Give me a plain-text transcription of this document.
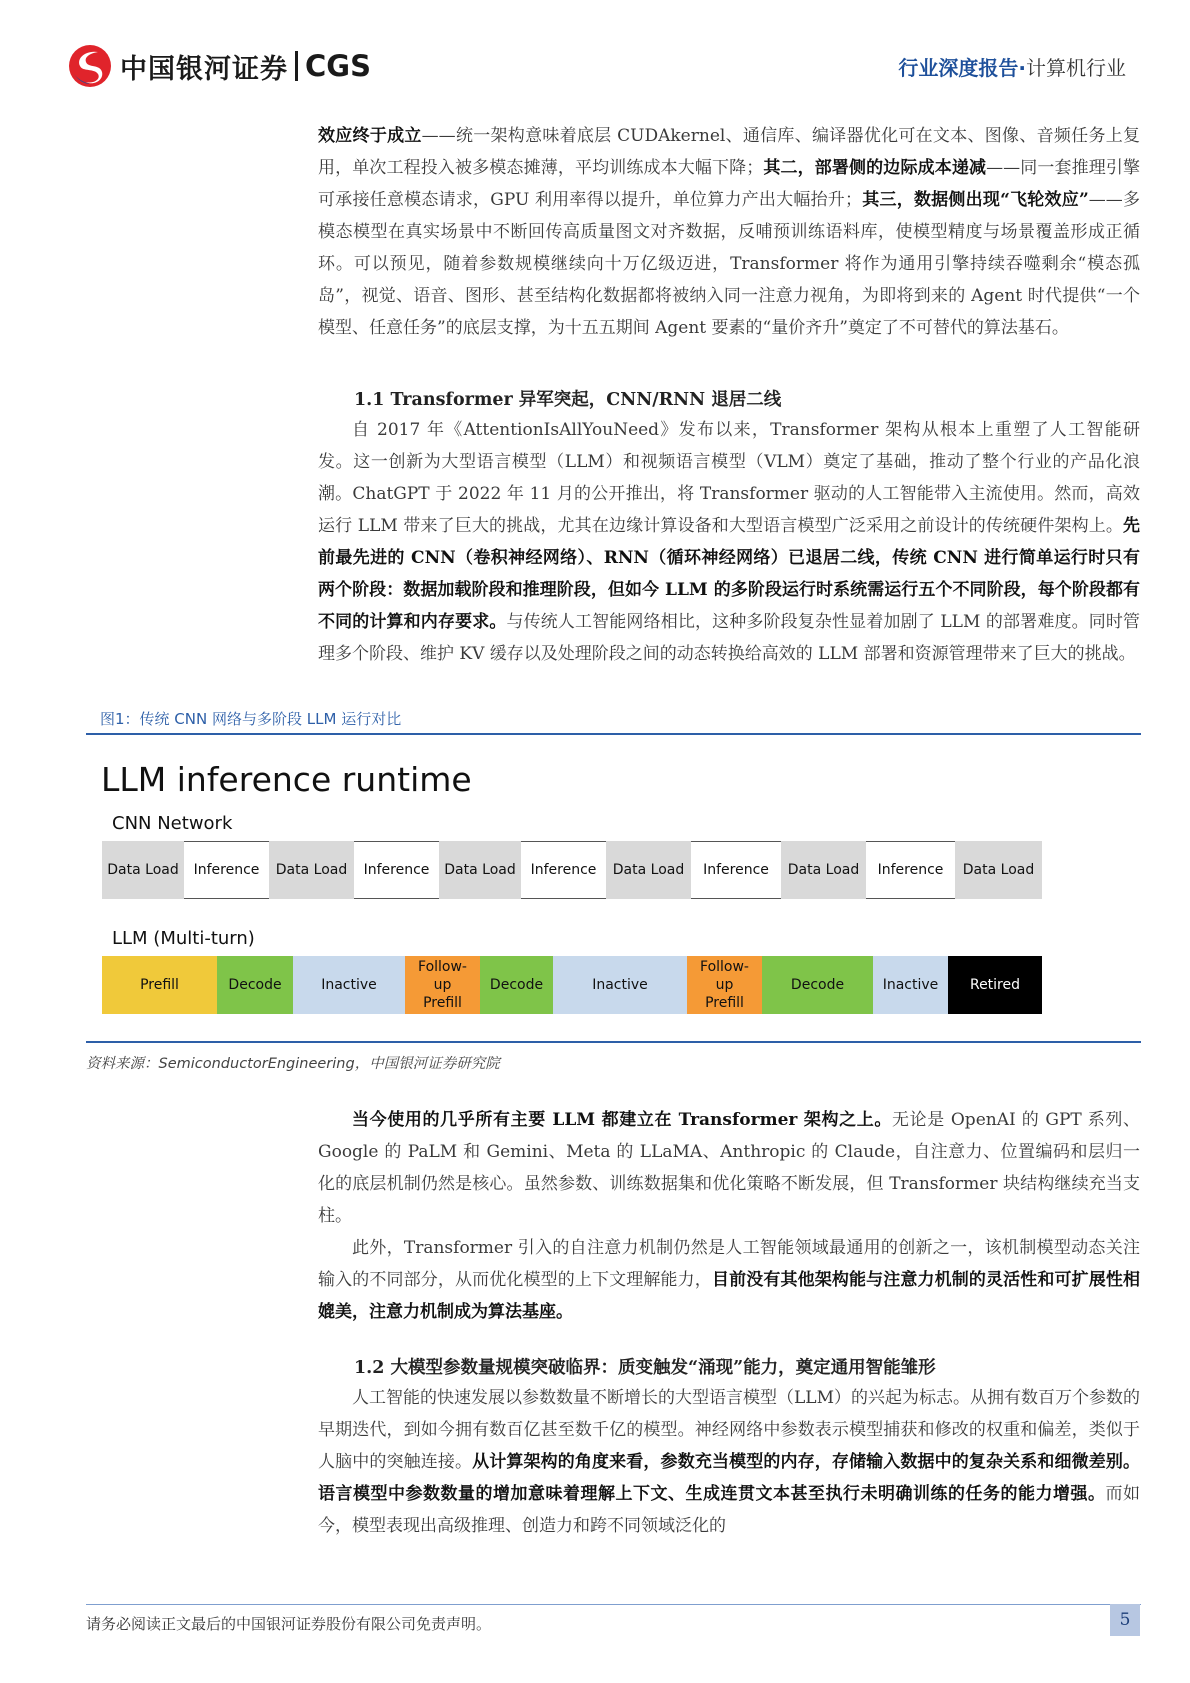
中国银河证券 CGS	行业深度报告·计算机行业
效应终于成立——统一架构意味着底层 CUDAkernel、通信库、编译器优化可在文本、图像、音频任务上复用，单次工程投入被多模态摊薄，平均训练成本大幅下降；其二，部署侧的边际成本递减——同一套推理引擎可承接任意模态请求，GPU 利用率得以提升，单位算力产出大幅抬升；其三，数据侧出现“飞轮效应”——多模态模型在真实场景中不断回传高质量图文对齐数据，反哺预训练语料库，使模型精度与场景覆盖形成正循环。可以预见，随着参数规模继续向十万亿级迈进，Transformer 将作为通用引擎持续吞噬剩余“模态孤岛”，视觉、语音、图形、甚至结构化数据都将被纳入同一注意力视角，为即将到来的 Agent 时代提供“一个模型、任意任务”的底层支撑，为十五五期间 Agent 要素的“量价齐升”奠定了不可替代的算法基石。
1.1 Transformer 异军突起，CNN/RNN 退居二线
自 2017 年《AttentionIsAllYouNeed》发布以来，Transformer 架构从根本上重塑了人工智能研发。这一创新为大型语言模型（LLM）和视频语言模型（VLM）奠定了基础，推动了整个行业的产品化浪潮。ChatGPT 于 2022 年 11 月的公开推出，将 Transformer 驱动的人工智能带入主流使用。然而，高效运行 LLM 带来了巨大的挑战，尤其在边缘计算设备和大型语言模型广泛采用之前设计的传统硬件架构上。先前最先进的 CNN（卷积神经网络）、RNN（循环神经网络）已退居二线，传统 CNN 进行简单运行时只有两个阶段：数据加载阶段和推理阶段，但如今 LLM 的多阶段运行时系统需运行五个不同阶段，每个阶段都有不同的计算和内存要求。与传统人工智能网络相比，这种多阶段复杂性显着加剧了 LLM 的部署难度。同时管理多个阶段、维护 KV 缓存以及处理阶段之间的动态转换给高效的 LLM 部署和资源管理带来了巨大的挑战。
图1：传统 CNN 网络与多阶段 LLM 运行对比
LLM inference runtime
CNN Network
Data Load	Inference	Data Load	Inference	Data Load	Inference	Data Load	Inference	Data Load	Inference	Data Load
LLM (Multi-turn)
Prefill	Decode	Inactive
Follow-up Prefill
Decode	Inactive
Follow-up Prefill
Decode	Inactive	Retired
资料来源：SemiconductorEngineering，中国银河证券研究院
当今使用的几乎所有主要 LLM 都建立在 Transformer 架构之上。无论是 OpenAI 的 GPT 系列、Google 的 PaLM 和 Gemini、Meta 的 LLaMA、Anthropic 的 Claude，自注意力、位置编码和层归一化的底层机制仍然是核心。虽然参数、训练数据集和优化策略不断发展，但 Transformer 块结构继续充当支柱。
此外，Transformer 引入的自注意力机制仍然是人工智能领域最通用的创新之一，该机制模型动态关注输入的不同部分，从而优化模型的上下文理解能力，目前没有其他架构能与注意力机制的灵活性和可扩展性相媲美，注意力机制成为算法基座。
1.2 大模型参数量规模突破临界：质变触发“涌现”能力，奠定通用智能雏形
人工智能的快速发展以参数数量不断增长的大型语言模型（LLM）的兴起为标志。从拥有数百万个参数的早期迭代，到如今拥有数百亿甚至数千亿的模型。神经网络中参数表示模型捕获和修改的权重和偏差，类似于人脑中的突触连接。从计算架构的角度来看，参数充当模型的内存，存储输入数据中的复杂关系和细微差别。语言模型中参数数量的增加意味着理解上下文、生成连贯文本甚至执行未明确训练的任务的能力增强。而如今，模型表现出高级推理、创造力和跨不同领域泛化的
请务必阅读正文最后的中国银河证券股份有限公司免责声明。	5
